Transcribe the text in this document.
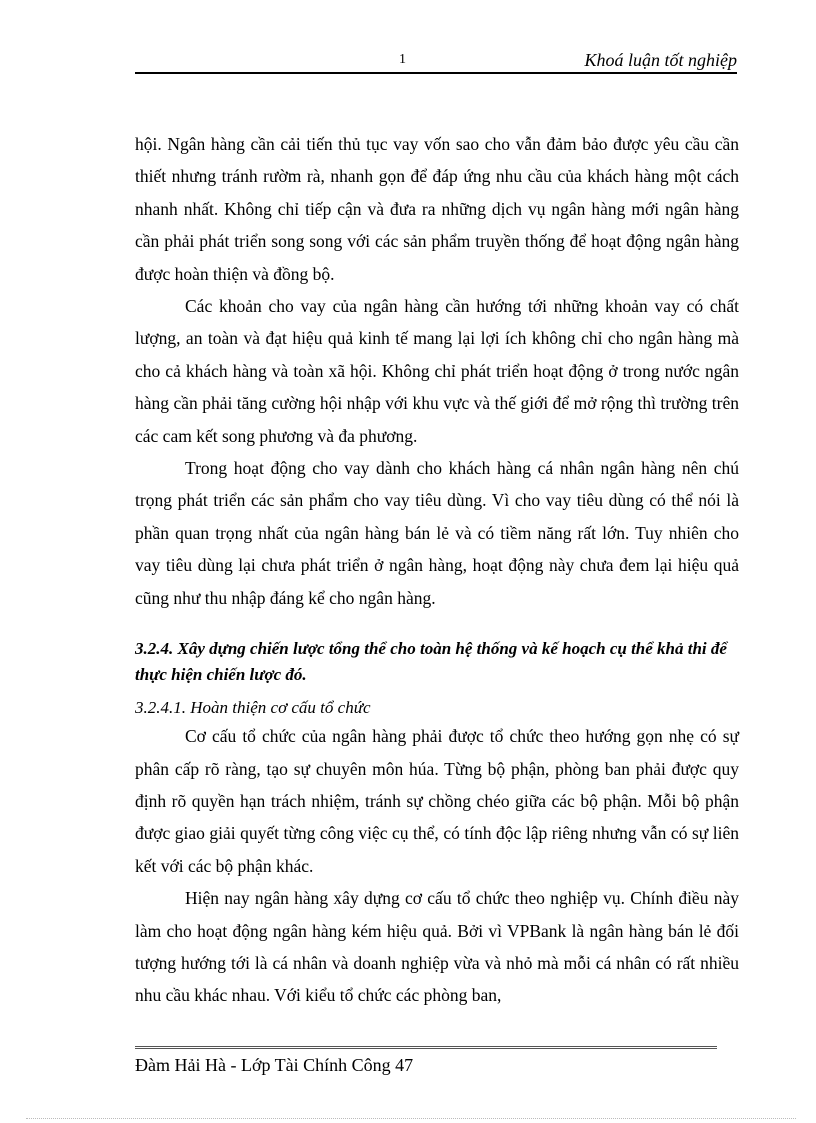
1	Khoá luận tốt nghiệp

hội. Ngân hàng cần cải tiến thủ tục vay vốn sao cho vẫn đảm bảo được yêu cầu cần thiết nhưng tránh rườm rà, nhanh gọn để đáp ứng nhu cầu của khách hàng một cách nhanh nhất. Không chỉ tiếp cận và đưa ra những dịch vụ ngân hàng mới ngân hàng cần phải phát triển song song với các sản phẩm truyền thống để hoạt động ngân hàng được hoàn thiện và đồng bộ.

Các khoản cho vay của ngân hàng cần hướng tới những khoản vay có chất lượng, an toàn và đạt hiệu quả kinh tế mang lại lợi ích không chỉ cho ngân hàng mà cho cả khách hàng và toàn xã hội. Không chỉ phát triển hoạt động ở trong nước ngân hàng cần phải tăng cường hội nhập với khu vực và thế giới để mở rộng thì trường trên các cam kết song phương và đa phương.

Trong hoạt động cho vay dành cho khách hàng cá nhân ngân hàng nên chú trọng phát triển các sản phẩm cho vay tiêu dùng. Vì cho vay tiêu dùng có thể nói là phần quan trọng nhất của ngân hàng bán lẻ và có tiềm năng rất lớn. Tuy nhiên cho vay tiêu dùng lại chưa phát triển ở ngân hàng, hoạt động này chưa đem lại hiệu quả cũng như thu nhập đáng kể cho ngân hàng.

3.2.4. Xây dựng chiến lược tổng thể cho toàn hệ thống và kế hoạch cụ thể khả thi để thực hiện chiến lược đó.
3.2.4.1. Hoàn thiện cơ cấu tổ chức

Cơ cấu tổ chức của ngân hàng phải được tổ chức theo hướng gọn nhẹ có sự phân cấp rõ ràng, tạo sự chuyên môn húa. Từng bộ phận, phòng ban phải được quy định rõ quyền hạn trách nhiệm, tránh sự chồng chéo giữa các bộ phận. Mỗi bộ phận được giao giải quyết từng công việc cụ thể, có tính độc lập riêng nhưng vẫn có sự liên kết với các bộ phận khác.

Hiện nay ngân hàng xây dựng cơ cấu tổ chức theo nghiệp vụ. Chính điều này làm cho hoạt động ngân hàng kém hiệu quả. Bởi vì VPBank là ngân hàng bán lẻ đối tượng hướng tới là cá nhân và doanh nghiệp vừa và nhỏ mà mỗi cá nhân có rất nhiều nhu cầu khác nhau. Với kiểu tổ chức các phòng ban,

Đàm Hải Hà - Lớp Tài Chính Công 47
